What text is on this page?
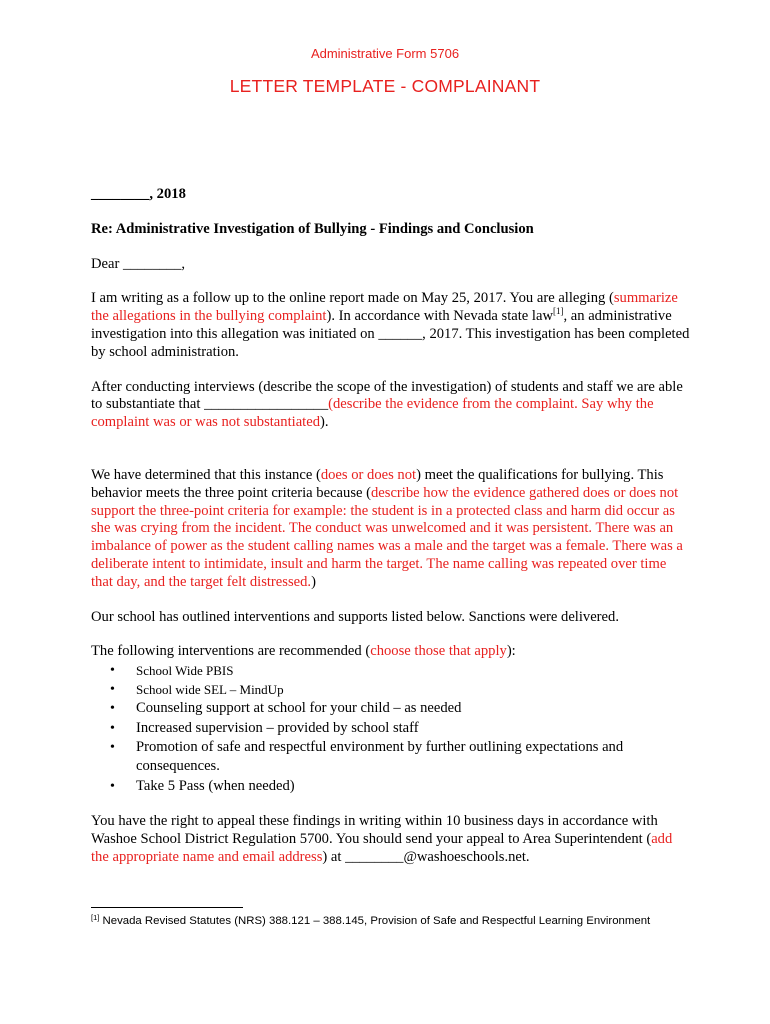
Administrative Form 5706
LETTER TEMPLATE - COMPLAINANT

________, 2018

Re: Administrative Investigation of Bullying - Findings and Conclusion

Dear ________,

I am writing as a follow up to the online report made on May 25, 2017. You are alleging (summarize the allegations in the bullying complaint). In accordance with Nevada state law[1], an administrative investigation into this allegation was initiated on ______, 2017. This investigation has been completed by school administration.

After conducting interviews (describe the scope of the investigation) of students and staff we are able to substantiate that _________________(describe the evidence from the complaint. Say why the complaint was or was not substantiated).

We have determined that this instance (does or does not) meet the qualifications for bullying. This behavior meets the three point criteria because (describe how the evidence gathered does or does not support the three-point criteria for example: the student is in a protected class and harm did occur as she was crying from the incident. The conduct was unwelcomed and it was persistent. There was an imbalance of power as the student calling names was a male and the target was a female. There was a deliberate intent to intimidate, insult and harm the target. The name calling was repeated over time that day, and the target felt distressed.)

Our school has outlined interventions and supports listed below. Sanctions were delivered.

The following interventions are recommended (choose those that apply):

• School Wide PBIS
• School wide SEL – MindUp
• Counseling support at school for your child – as needed
• Increased supervision – provided by school staff
• Promotion of safe and respectful environment by further outlining expectations and consequences.
• Take 5 Pass (when needed)

You have the right to appeal these findings in writing within 10 business days in accordance with Washoe School District Regulation 5700. You should send your appeal to Area Superintendent (add the appropriate name and email address) at ________@washoeschools.net.

[1] Nevada Revised Statutes (NRS) 388.121 – 388.145, Provision of Safe and Respectful Learning Environment
